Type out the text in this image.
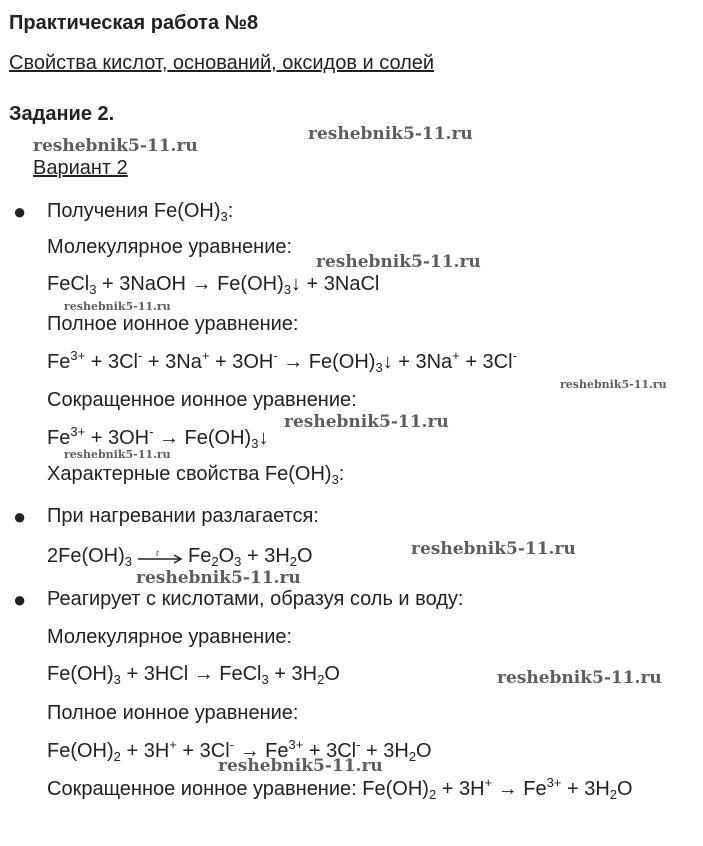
Практическая работа №8
Свойства кислот, оснований, оксидов и солей
Задание 2.
Вариант 2
● Получения $Fe(OH)_3$:
Молекулярное уравнение:
FeCl$_3$ + 3NaOH → $Fe(OH)_3↓$ + 3NaCl
Полное ионное уравнение:
$Fe^{3+} + 3Cl^- + 3Na^+ + 3OH^-$ → $Fe(OH)_3↓ + 3Na^+ + 3Cl^-$
Сокращенное ионное уравнение:
$Fe^{3+} + 3OH^-$ → $Fe(OH)_3↓$
Характерные свойства $Fe(OH)_3$:
● При нагревании разлагается:
$2Fe(OH)_3$
t $Fe_2O_3 + 3H_2O$
● Реагирует с кислотами, образуя соль и воду:
Молекулярное уравнение:
$Fe(OH)_3 + 3HCl$ → FeCl$_3$ + $3H_2O$
Полное ионное уравнение:
$Fe(OH)_2 + 3H^+ + 3Cl^- \to Fe^{3+} + 3Cl^- + 3H_2O$
Сокращенное ионное уравнение: $Fe(OH)_2 + 3H^+ \to Fe^{3+} + 3H_2O$
reshebnik5-11.ru
reshebnik5-11.ru
reshebnik5-11.ru
reshebnik5-11.ru
reshebnik5-11.ru
reshebnik5-11.ru
reshebnik5-11.ru
reshebnik5-11.ru
reshebnik5-11.ru
reshebnik5-11.ru
reshebnik5-11.ru
